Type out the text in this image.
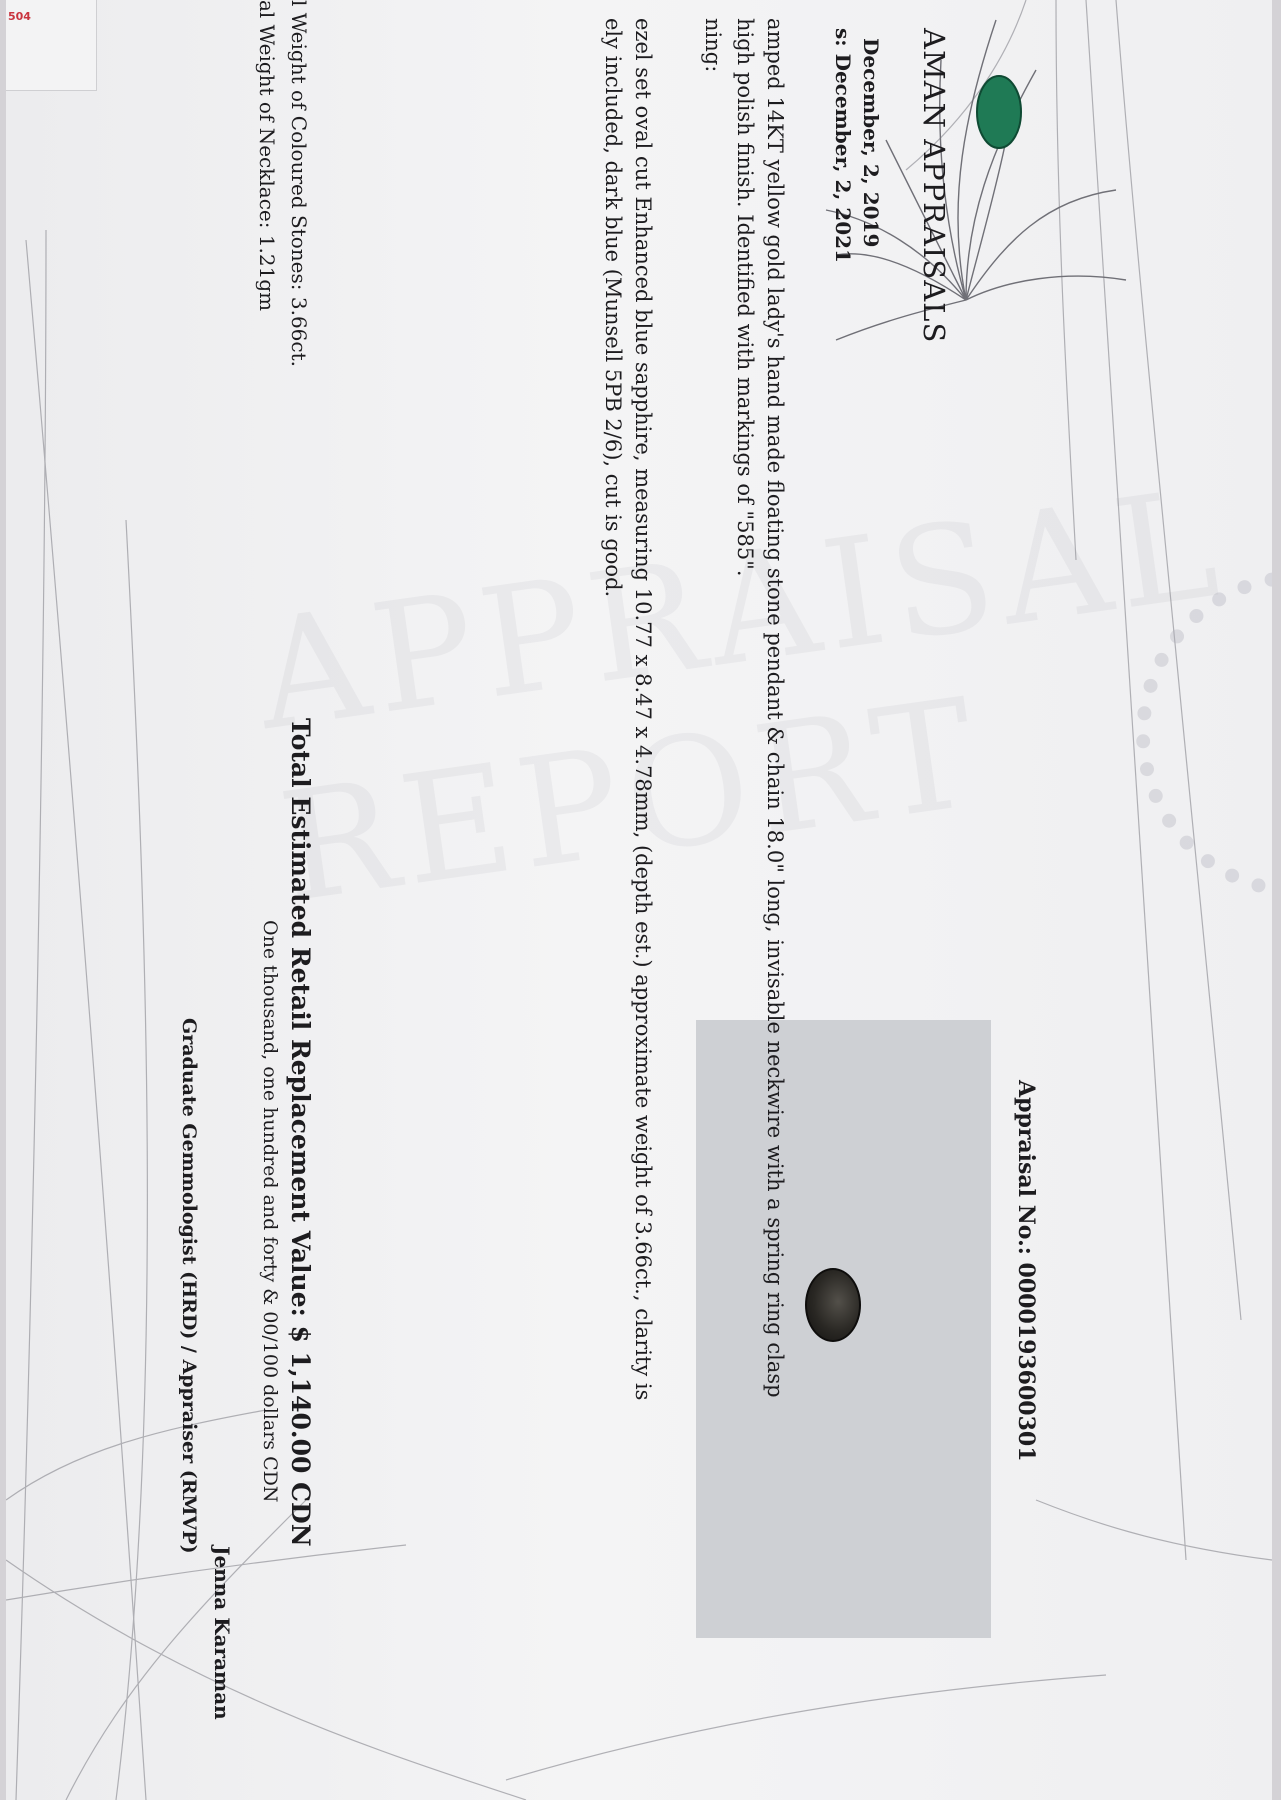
504
APPRAISAL REPORT
AMAN APPRAISALS
Appraisal No.: 0000193600301
December, 2, 2019
s: December, 2, 2021
amped 14KT yellow gold lady's hand made floating stone pendant & chain 18.0" long, invisable neckwire with a spring ring clasp
high polish finish. Identified with markings of "585".
ning:
ezel set oval cut Enhanced blue sapphire, measuring 10.77 x 8.47 x 4.78mm, (depth est.) approximate weight of 3.66ct., clarity is
ely included, dark blue (Munsell 5PB 2/6), cut is good.
l Weight of Coloured Stones: 3.66ct.
al Weight of Necklace: 1.21gm
Total Estimated Retail Replacement Value: $ 1,140.00 CDN
One thousand, one hundred and forty & 00/100 dollars CDN
Jenna Karaman
Graduate Gemmologist (HRD) / Appraiser (RMVP)
